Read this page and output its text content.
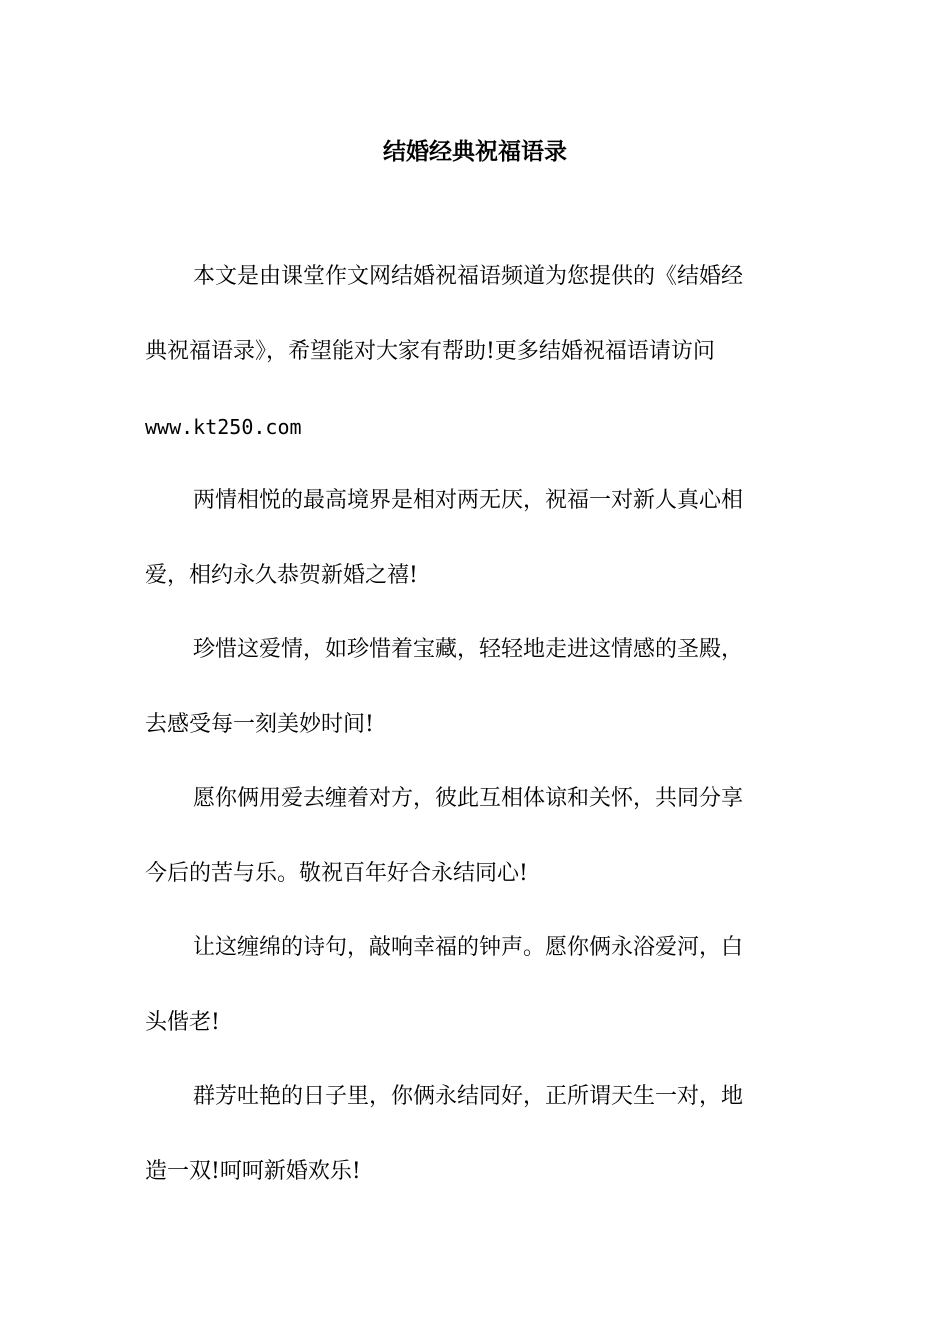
结婚经典祝福语录
本文是由课堂作文网结婚祝福语频道为您提供的《结婚经
典祝福语录》，希望能对大家有帮助!更多结婚祝福语请访问
www.kt250.com
两情相悦的最高境界是相对两无厌，祝福一对新人真心相
爱，相约永久恭贺新婚之禧!
珍惜这爱情，如珍惜着宝藏，轻轻地走进这情感的圣殿，
去感受每一刻美妙时间!
愿你俩用爱去缠着对方，彼此互相体谅和关怀，共同分享
今后的苦与乐。敬祝百年好合永结同心!
让这缠绵的诗句，敲响幸福的钟声。愿你俩永浴爱河，白
头偕老!
群芳吐艳的日子里，你俩永结同好，正所谓天生一对，地
造一双!呵呵新婚欢乐!
